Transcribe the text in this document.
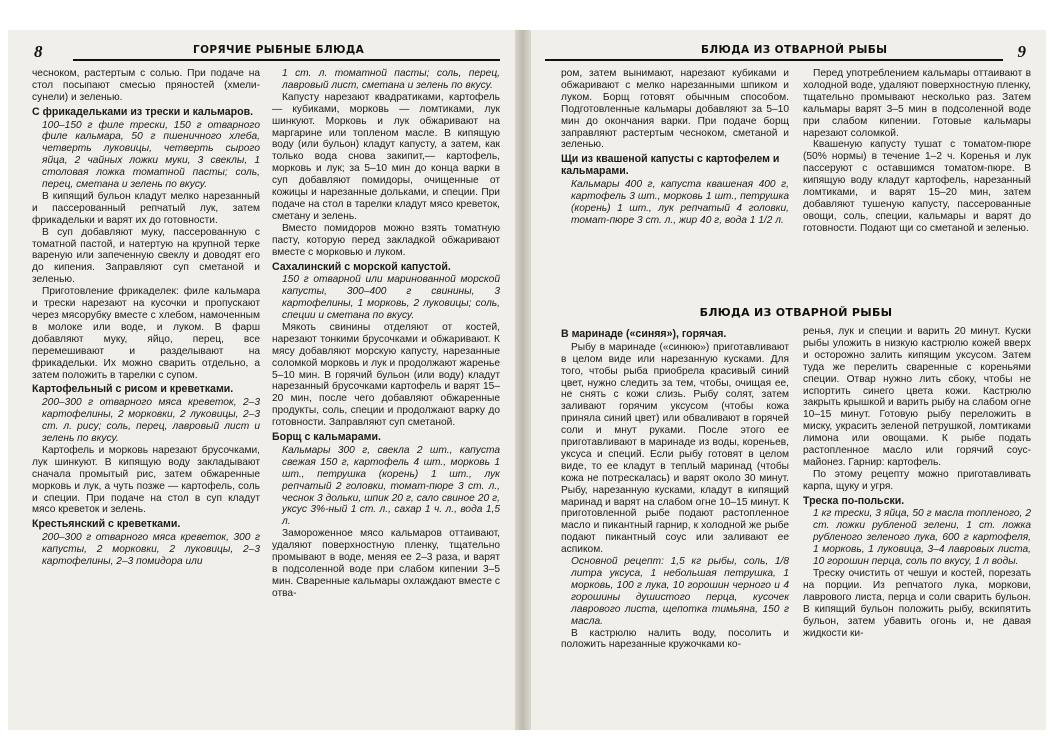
8	ГОРЯЧИЕ РЫБНЫЕ БЛЮДА

чесноком, растертым с солью. При подаче на стол посыпают смесью пряностей (хмели-сунели) и зеленью.

С фрикадельками из трески и кальмаров.

100–150 г филе трески, 150 г отварного филе кальмара, 50 г пшеничного хлеба, четверть луковицы, четверть сырого яйца, 2 чайных ложки муки, 3 свеклы, 1 столовая ложка томатной пасты; соль, перец, сметана и зелень по вкусу.

В кипящий бульон кладут мелко нарезанный и пассерованный репчатый лук, затем фрикадельки и варят их до готовности.

В суп добавляют муку, пассерованную с томатной пастой, и натертую на крупной терке вареную или запеченную свеклу и доводят его до кипения. Заправляют суп сметаной и зеленью.

Приготовление фрикаделек: филе кальмара и трески нарезают на кусочки и пропускают через мясорубку вместе с хлебом, намоченным в молоке или воде, и луком. В фарш добавляют муку, яйцо, перец, все перемешивают и разделывают на фрикадельки. Их можно сварить отдельно, а затем положить в тарелки с супом.

Картофельный с рисом и креветками.

200–300 г отварного мяса креветок, 2–3 картофелины, 2 морковки, 2 луковицы, 2–3 ст. л. рису; соль, перец, лавровый лист и зелень по вкусу.

Картофель и морковь нарезают брусочками, лук шинкуют. В кипящую воду закладывают сначала промытый рис, затем обжаренные морковь и лук, а чуть позже — картофель, соль и специи. При подаче на стол в суп кладут мясо креветок и зелень.

Крестьянский с креветками.

200–300 г отварного мяса креветок, 300 г капусты, 2 морковки, 2 луковицы, 2–3 картофелины, 2–3 помидора или

1 ст. л. томатной пасты; соль, перец, лавровый лист, сметана и зелень по вкусу.

Капусту нарезают квадратиками, картофель — кубиками, морковь — ломтиками, лук шинкуют. Морковь и лук обжаривают на маргарине или топленом масле. В кипящую воду (или бульон) кладут капусту, а затем, как только вода снова закипит,— картофель, морковь и лук; за 5–10 мин до конца варки в суп добавляют помидоры, очищенные от кожицы и нарезанные дольками, и специи. При подаче на стол в тарелки кладут мясо креветок, сметану и зелень.

Вместо помидоров можно взять томатную пасту, которую перед закладкой обжаривают вместе с морковью и луком.

Сахалинский с морской капустой.

150 г отварной или маринованной морской капусты, 300–400 г свинины, 3 картофелины, 1 морковь, 2 луковицы; соль, специи и сметана по вкусу.

Мякоть свинины отделяют от костей, нарезают тонкими брусочками и обжаривают. К мясу добавляют морскую капусту, нарезанные соломкой морковь и лук и продолжают жаренье 5–10 мин. В горячий бульон (или воду) кладут нарезанный брусочками картофель и варят 15–20 мин, после чего добавляют обжаренные продукты, соль, специи и продолжают варку до готовности. Заправляют суп сметаной.

Борщ с кальмарами.

Кальмары 300 г, свекла 2 шт., капуста свежая 150 г, картофель 4 шт., морковь 1 шт., петрушка (корень) 1 шт., лук репчатый 2 головки, томат-пюре 3 ст. л., чеснок 3 дольки, шпик 20 г, сало свиное 20 г, уксус 3%-ный 1 ст. л., сахар 1 ч. л., вода 1,5 л.

Замороженное мясо кальмаров оттаивают, удаляют поверхностную пленку, тщательно промывают в воде, меняя ее 2–3 раза, и варят в подсоленной воде при слабом кипении 3–5 мин. Сваренные кальмары охлаждают вместе с отва-

9
БЛЮДА ИЗ ОТВАРНОЙ РЫБЫ

ром, затем вынимают, нарезают кубиками и обжаривают с мелко нарезанными шпиком и луком. Борщ готовят обычным способом. Подготовленные кальмары добавляют за 5–10 мин до окончания варки. При подаче борщ заправляют растертым чесноком, сметаной и зеленью.

Щи из квашеной капусты с картофелем и кальмарами.

Кальмары 400 г, капуста квашеная 400 г, картофель 3 шт., морковь 1 шт., петрушка (корень) 1 шт., лук репчатый 4 головки, томат-пюре 3 ст. л., жир 40 г, вода 1 1/2 л.

Перед употреблением кальмары оттаивают в холодной воде, удаляют поверхностную пленку, тщательно промывают несколько раз. Затем кальмары варят 3–5 мин в подсоленной воде при слабом кипении. Готовые кальмары нарезают соломкой.

Квашеную капусту тушат с томатом-пюре (50% нормы) в течение 1–2 ч. Коренья и лук пассеруют с оставшимся томатом-пюре. В кипящую воду кладут картофель, нарезанный ломтиками, и варят 15–20 мин, затем добавляют тушеную капусту, пассерованные овощи, соль, специи, кальмары и варят до готовности. Подают щи со сметаной и зеленью.

БЛЮДА ИЗ ОТВАРНОЙ РЫБЫ
В маринаде («синяя»), горячая.

Рыбу в маринаде («синюю») приготавливают в целом виде или нарезанную кусками. Для того, чтобы рыба приобрела красивый синий цвет, нужно следить за тем, чтобы, очищая ее, не снять с кожи слизь. Рыбу солят, затем заливают горячим уксусом (чтобы кожа приняла синий цвет) или обваливают в горячей соли и мнут руками. После этого ее приготавливают в маринаде из воды, кореньев, уксуса и специй. Если рыбу готовят в целом виде, то ее кладут в теплый маринад (чтобы кожа не потрескалась) и варят около 30 минут. Рыбу, нарезанную кусками, кладут в кипящий маринад и варят на слабом огне 10–15 минут. К приготовленной рыбе подают растопленное масло и пикантный гарнир, к холодной же рыбе подают пикантный соус или заливают ее аспиком.

Основной рецепт: 1,5 кг рыбы, соль, 1/8 литра уксуса, 1 небольшая петрушка, 1 морковь, 100 г лука, 10 горошин черного и 4 горошины душистого перца, кусочек лаврового листа, щепотка тимьяна, 150 г масла.

В кастрюлю налить воду, посолить и положить нарезанные кружочками ко-

ренья, лук и специи и варить 20 минут. Куски рыбы уложить в низкую кастрюлю кожей вверх и осторожно залить кипящим уксусом. Затем туда же перелить сваренные с кореньями специи. Отвар нужно лить сбоку, чтобы не испортить синего цвета кожи. Кастрюлю закрыть крышкой и варить рыбу на слабом огне 10–15 минут. Готовую рыбу переложить в миску, украсить зеленой петрушкой, ломтиками лимона или овощами. К рыбе подать растопленное масло или горячий соус-майонез. Гарнир: картофель.

По этому рецепту можно приготавливать карпа, щуку и угря.

Треска по-польски.

1 кг трески, 3 яйца, 50 г масла топленого, 2 ст. ложки рубленой зелени, 1 ст. ложка рубленого зеленого лука, 600 г картофеля, 1 морковь, 1 луковица, 3–4 лавровых листа, 10 горошин перца, соль по вкусу, 1 л воды.

Треску очистить от чешуи и костей, порезать на порции. Из репчатого лука, моркови, лаврового листа, перца и соли сварить бульон. В кипящий бульон положить рыбу, вскипятить бульон, затем убавить огонь и, не давая жидкости ки-
